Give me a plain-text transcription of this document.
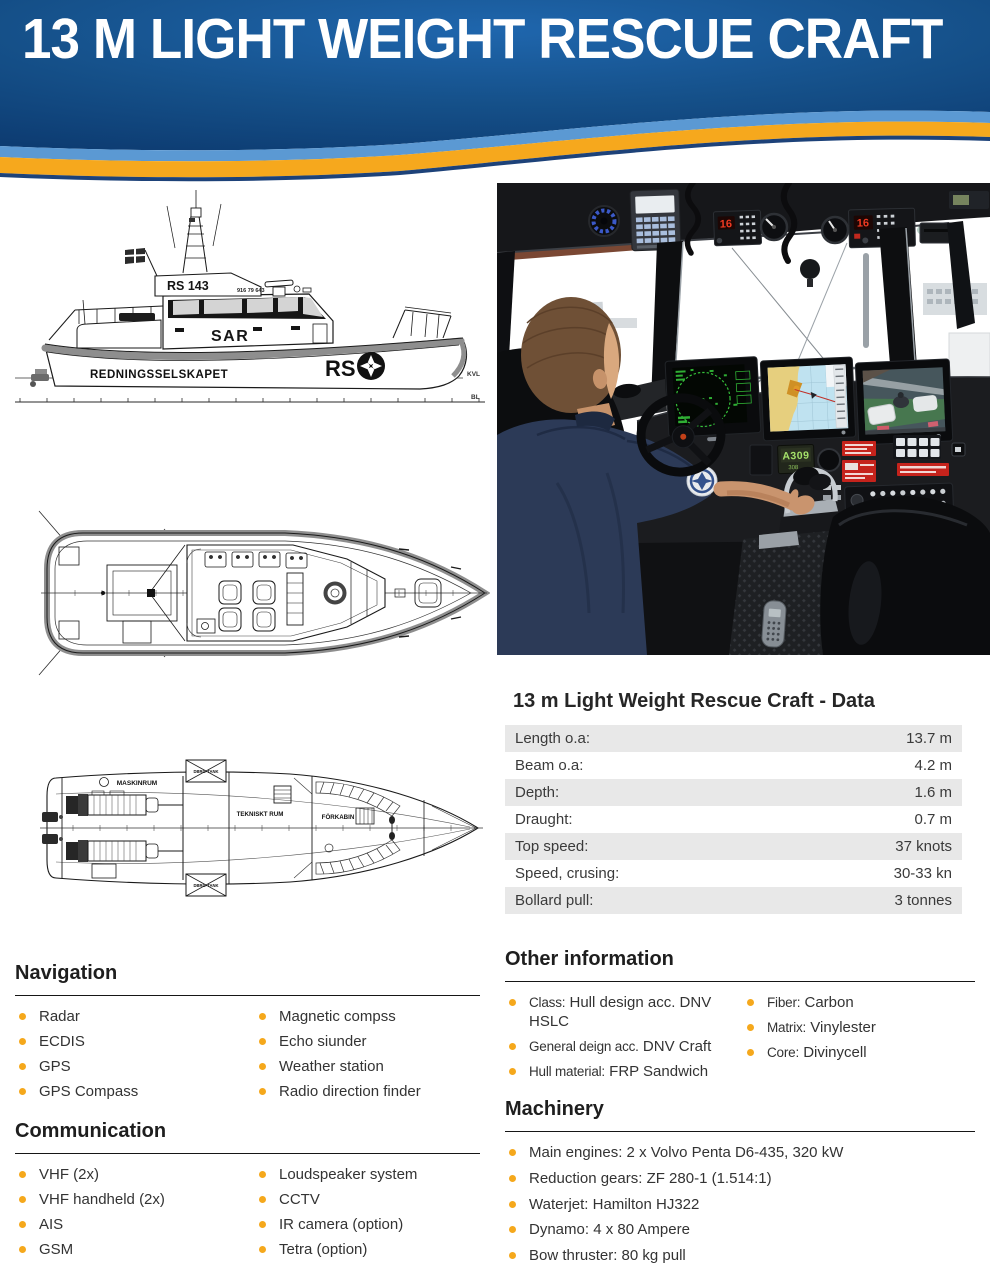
13 M LIGHT WEIGHT RESCUE CRAFT
KVL
BL
REDNINGSSELSKAPET	RS
SAR
RS 143	916 79 643
MASKINRUM
DBRG-TANK
DBRG-TANK
TEKNISKT RUM	FÖRKABIN
16	16
A309
308
13 m Light Weight Rescue Craft - Data
Length o.a:	13.7 m
Beam o.a:	4.2 m
Depth:	1.6 m
Draught:	0.7 m
Top speed:	37 knots
Speed, crusing:	30-33 kn
Bollard pull:	3 tonnes
Navigation
Radar
ECDIS
GPS
GPS Compass
Magnetic compss
Echo siunder
Weather station
Radio direction finder
Communication
VHF (2x)
VHF handheld (2x)
AIS
GSM
Loudspeaker system
CCTV
IR camera (option)
Tetra (option)
Other information
Class: Hull design acc. DNV HSLC
General deign acc. DNV Craft
Hull material: FRP Sandwich
Fiber: Carbon
Matrix: Vinylester
Core: Divinycell
Machinery
Main engines: 2 x Volvo Penta D6-435, 320 kW
Reduction gears: ZF 280-1 (1.514:1)
Waterjet: Hamilton HJ322
Dynamo: 4 x 80 Ampere
Bow thruster: 80 kg pull
